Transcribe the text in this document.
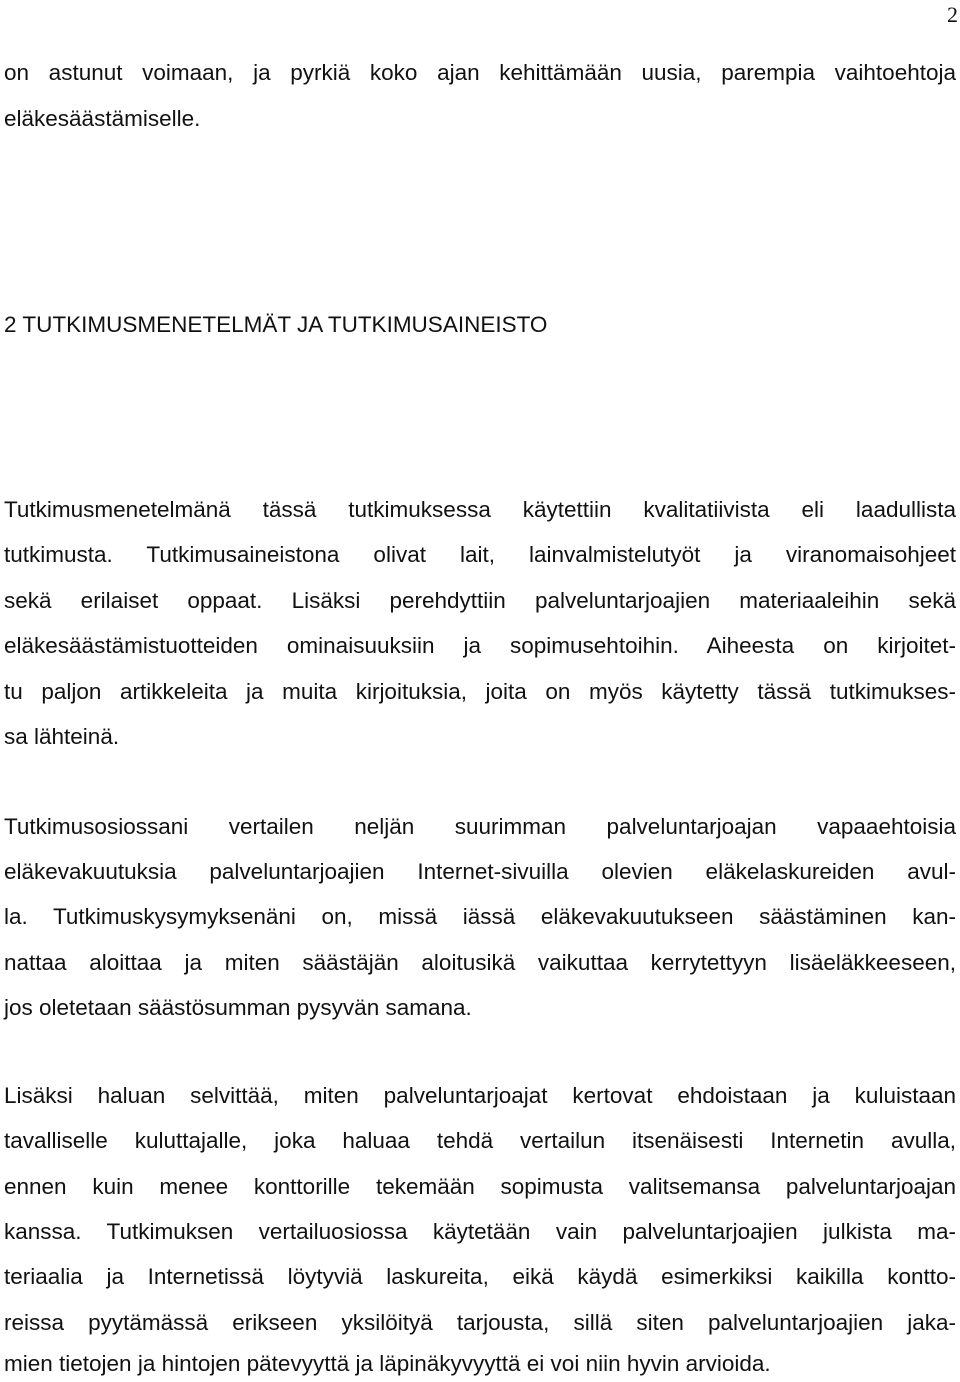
2
on astunut voimaan, ja pyrkiä koko ajan kehittämään uusia, parempia vaihtoehtoja
eläkesäästämiselle.
2 TUTKIMUSMENETELMÄT JA TUTKIMUSAINEISTO
Tutkimusmenetelmänä tässä tutkimuksessa käytettiin kvalitatiivista eli laadullista
tutkimusta. Tutkimusaineistona olivat lait, lainvalmistelutyöt ja viranomaisohjeet
sekä erilaiset oppaat. Lisäksi perehdyttiin palveluntarjoajien materiaaleihin sekä
eläkesäästämistuotteiden ominaisuuksiin ja sopimusehtoihin. Aiheesta on kirjoitet-
tu paljon artikkeleita ja muita kirjoituksia, joita on myös käytetty tässä tutkimukses-
sa lähteinä.
Tutkimusosiossani vertailen neljän suurimman palveluntarjoajan vapaaehtoisia
eläkevakuutuksia palveluntarjoajien Internet-sivuilla olevien eläkelaskureiden avul-
la. Tutkimuskysymyksenäni on, missä iässä eläkevakuutukseen säästäminen kan-
nattaa aloittaa ja miten säästäjän aloitusikä vaikuttaa kerrytettyyn lisäeläkkeeseen,
jos oletetaan säästösumman pysyvän samana.
Lisäksi haluan selvittää, miten palveluntarjoajat kertovat ehdoistaan ja kuluistaan
tavalliselle kuluttajalle, joka haluaa tehdä vertailun itsenäisesti Internetin avulla,
ennen kuin menee konttorille tekemään sopimusta valitsemansa palveluntarjoajan
kanssa. Tutkimuksen vertailuosiossa käytetään vain palveluntarjoajien julkista ma-
teriaalia ja Internetissä löytyviä laskureita, eikä käydä esimerkiksi kaikilla kontto-
reissa pyytämässä erikseen yksilöityä tarjousta, sillä siten palveluntarjoajien jaka-
mien tietojen ja hintojen pätevyyttä ja läpinäkyvyyttä ei voi niin hyvin arvioida.
